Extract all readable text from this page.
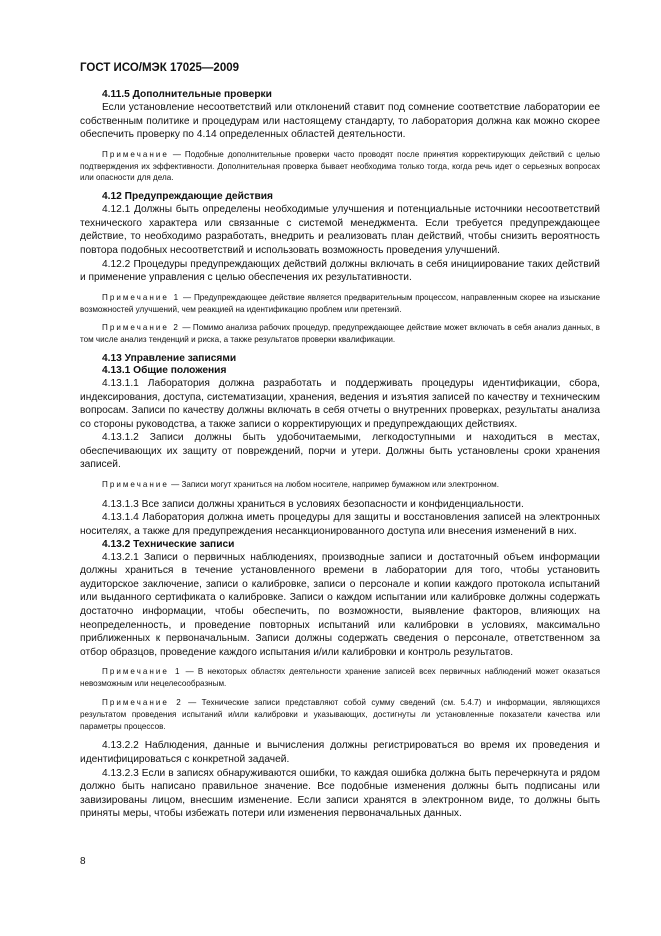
ГОСТ ИСО/МЭК 17025—2009
4.11.5 Дополнительные проверки

Если установление несоответствий или отклонений ставит под сомнение соответствие лаборатории ее собственным политике и процедурам или настоящему стандарту, то лаборатория должна как можно скорее обеспечить проверку по 4.14 определенных областей деятельности.

Примечание — Подобные дополнительные проверки часто проводят после принятия корректирующих действий с целью подтверждения их эффективности. Дополнительная проверка бывает необходима только тогда, когда речь идет о серьезных вопросах или опасности для дела.

4.12 Предупреждающие действия

4.12.1 Должны быть определены необходимые улучшения и потенциальные источники несоответствий технического характера или связанные с системой менеджмента. Если требуется предупреждающее действие, то необходимо разработать, внедрить и реализовать план действий, чтобы снизить вероятность повтора подобных несоответствий и использовать возможность проведения улучшений.

4.12.2 Процедуры предупреждающих действий должны включать в себя инициирование таких действий и применение управления с целью обеспечения их результативности.

Примечание 1 — Предупреждающее действие является предварительным процессом, направленным скорее на изыскание возможностей улучшений, чем реакцией на идентификацию проблем или претензий.

Примечание 2 — Помимо анализа рабочих процедур, предупреждающее действие может включать в себя анализ данных, в том числе анализ тенденций и риска, а также результатов проверки квалификации.

4.13 Управление записями
4.13.1 Общие положения

4.13.1.1 Лаборатория должна разработать и поддерживать процедуры идентификации, сбора, индексирования, доступа, систематизации, хранения, ведения и изъятия записей по качеству и техническим вопросам. Записи по качеству должны включать в себя отчеты о внутренних проверках, результаты анализа со стороны руководства, а также записи о корректирующих и предупреждающих действиях.

4.13.1.2 Записи должны быть удобочитаемыми, легкодоступными и находиться в местах, обеспечивающих их защиту от повреждений, порчи и утери. Должны быть установлены сроки хранения записей.

Примечание — Записи могут храниться на любом носителе, например бумажном или электронном.

4.13.1.3 Все записи должны храниться в условиях безопасности и конфиденциальности.

4.13.1.4 Лаборатория должна иметь процедуры для защиты и восстановления записей на электронных носителях, а также для предупреждения несанкционированного доступа или внесения изменений в них.

4.13.2 Технические записи

4.13.2.1 Записи о первичных наблюдениях, производные записи и достаточный объем информации должны храниться в течение установленного времени в лаборатории для того, чтобы установить аудиторское заключение, записи о калибровке, записи о персонале и копии каждого протокола испытаний или выданного сертификата о калибровке. Записи о каждом испытании или калибровке должны содержать достаточно информации, чтобы обеспечить, по возможности, выявление факторов, влияющих на неопределенность, и проведение повторных испытаний или калибровки в условиях, максимально приближенных к первоначальным. Записи должны содержать сведения о персонале, ответственном за отбор образцов, проведение каждого испытания и/или калибровки и контроль результатов.

Примечание 1 — В некоторых областях деятельности хранение записей всех первичных наблюдений может оказаться невозможным или нецелесообразным.

Примечание 2 — Технические записи представляют собой сумму сведений (см. 5.4.7) и информации, являющихся результатом проведения испытаний и/или калибровки и указывающих, достигнуты ли установленные показатели качества или параметры процессов.

4.13.2.2 Наблюдения, данные и вычисления должны регистрироваться во время их проведения и идентифицироваться с конкретной задачей.

4.13.2.3 Если в записях обнаруживаются ошибки, то каждая ошибка должна быть перечеркнута и рядом должно быть написано правильное значение. Все подобные изменения должны быть подписаны или завизированы лицом, внесшим изменение. Если записи хранятся в электронном виде, то должны быть приняты меры, чтобы избежать потери или изменения первоначальных данных.

8
